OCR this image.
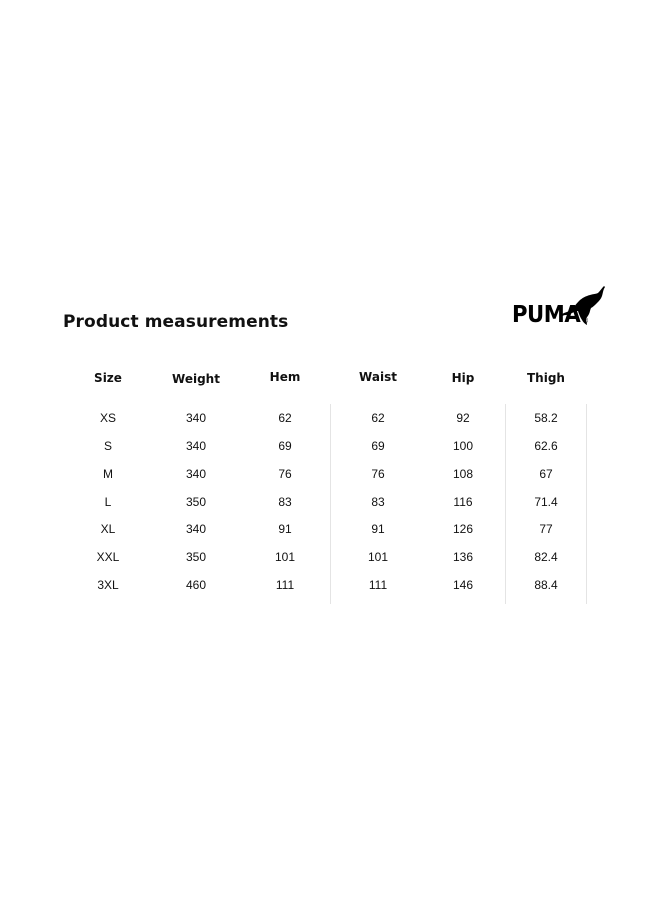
Product measurements	PUMA ®
Size	Weight	Hem	Waist	Hip	Thigh
XS	340	62	62	92	58.2
S	340	69	69	100	62.6
M	340	76	76	108	67
L	350	83	83	116	71.4
XL	340	91	91	126	77
XXL	350	101	101	136	82.4
3XL	460	111	111	146	88.4
